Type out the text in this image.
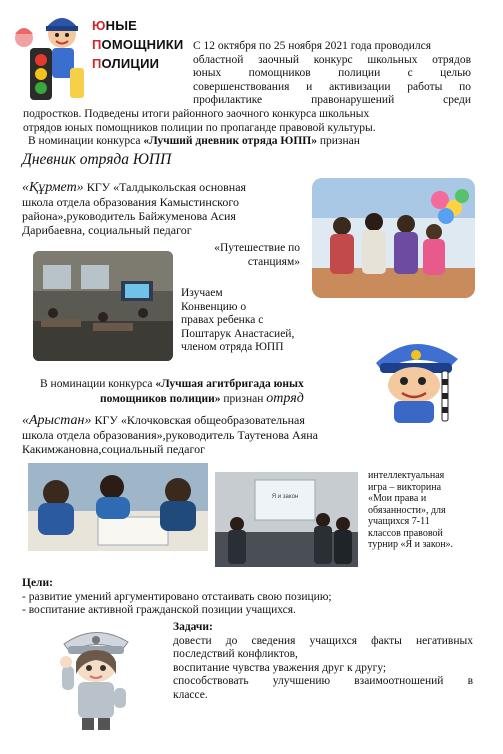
ЮНЫЕ
ПОМОЩНИКИ
ПОЛИЦИИ
С 12 октября по 25 ноября 2021 года проводился
областной заочный конкурс школьных отрядов
юных помощников полиции с целью
совершенствования и активизации работы по
профилактике правонарушений среди
подростков. Подведены итоги районного заочного конкурса школьных
отрядов юных помощников полиции по пропаганде правовой культуры.
В номинации конкурса «Лучший дневник отряда ЮПП» признан
Дневник отряда ЮПП
«Құрмет» КГУ «Талдыкольская основная
школа отдела образования Камыстинского
района»,руководитель Байжуменова Асия
Дарибаевна, социальный педагог
«Путешествие по
станциям»
Изучаем
Конвенцию о
правах ребенка с
Поштарук Анастасией,
членом отряда ЮПП
В номинации конкурса «Лучшая агитбригада юных
помощников полиции» признан отряд
«Арыстан» КГУ «Клочковская общеобразовательная
школа отдела образования»,руководитель Таутенова Аяна
Какимжановна,социальный педагог
Я и закон
интеллектуальная
игра – викторина
«Мои права и
обязанности», для
учащихся 7-11
классов правовой
турнир «Я и закон».
Цели:
- развитие умений аргументировано отстаивать свою позицию;
- воспитание активной гражданской позиции учащихся.
Задачи:
довести до сведения учащихся факты негативных
последствий конфликтов,
воспитание чувства уважения друг к другу;
способствовать улучшению взаимоотношений в
классе.
